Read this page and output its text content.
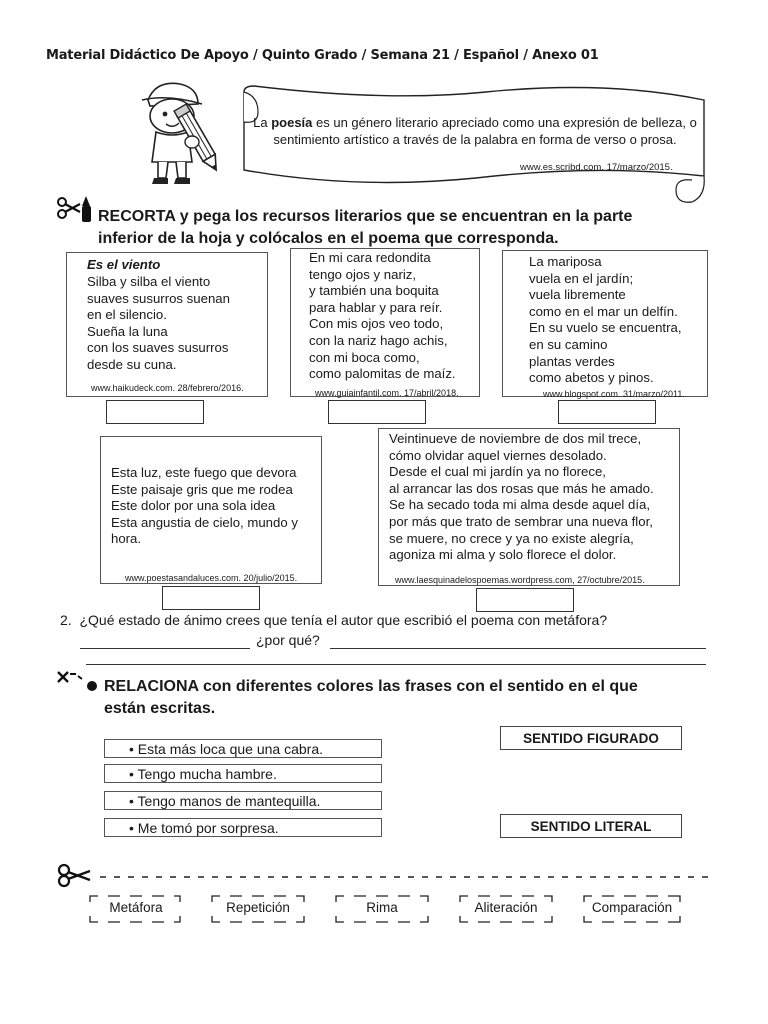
Material Didáctico De Apoyo / Quinto Grado / Semana 21 / Español / Anexo 01
La poesía es un género literario apreciado como una expresión de belleza, o sentimiento artístico a través de la palabra en forma de verso o prosa.
www.es.scribd.com. 17/marzo/2015.
RECORTA y pega los recursos literarios que se encuentran en la parte
inferior de la hoja y colócalos en el poema que corresponda.
Es el viento
Silba y silba el viento
suaves susurros suenan
en el silencio.
Sueña la luna
con los suaves susurros
desde su cuna.
www.haikudeck.com. 28/febrero/2016.
En mi cara redondita
tengo ojos y nariz,
y también una boquita
para hablar y para reír.
Con mis ojos veo todo,
con la nariz hago achis,
con mi boca como,
como palomitas de maíz.
www.guiainfantil.com. 17/abril/2018.
La mariposa
vuela en el jardín;
vuela libremente
como en el mar un delfín.
En su vuelo se encuentra,
en su camino
plantas verdes
como abetos y pinos.
www.blogspot.com. 31/marzo/2011.
Esta luz, este fuego que devora
Este paisaje gris que me rodea
Este dolor por una sola idea
Esta angustia de cielo, mundo y
hora.
www.poestasandaluces.com. 20/julio/2015.
Veintinueve de noviembre de dos mil trece,
cómo olvidar aquel viernes desolado.
Desde el cual mi jardín ya no florece,
al arrancar las dos rosas que más he amado.
Se ha secado toda mi alma desde aquel día,
por más que trato de sembrar una nueva flor,
se muere, no crece y ya no existe alegría,
agoniza mi alma y solo florece el dolor.
www.laesquinadelospoemas.wordpress.com, 27/octubre/2015.
2. ¿Qué estado de ánimo crees que tenía el autor que escribió el poema con metáfora?
¿por qué?
RELACIONA con diferentes colores las frases con el sentido en el que
están escritas.
• Esta más loca que una cabra.
• Tengo mucha hambre.
• Tengo manos de mantequilla.
• Me tomó por sorpresa.
SENTIDO FIGURADO
SENTIDO LITERAL
Metáfora	Repetición	Rima	Aliteración	Comparación
